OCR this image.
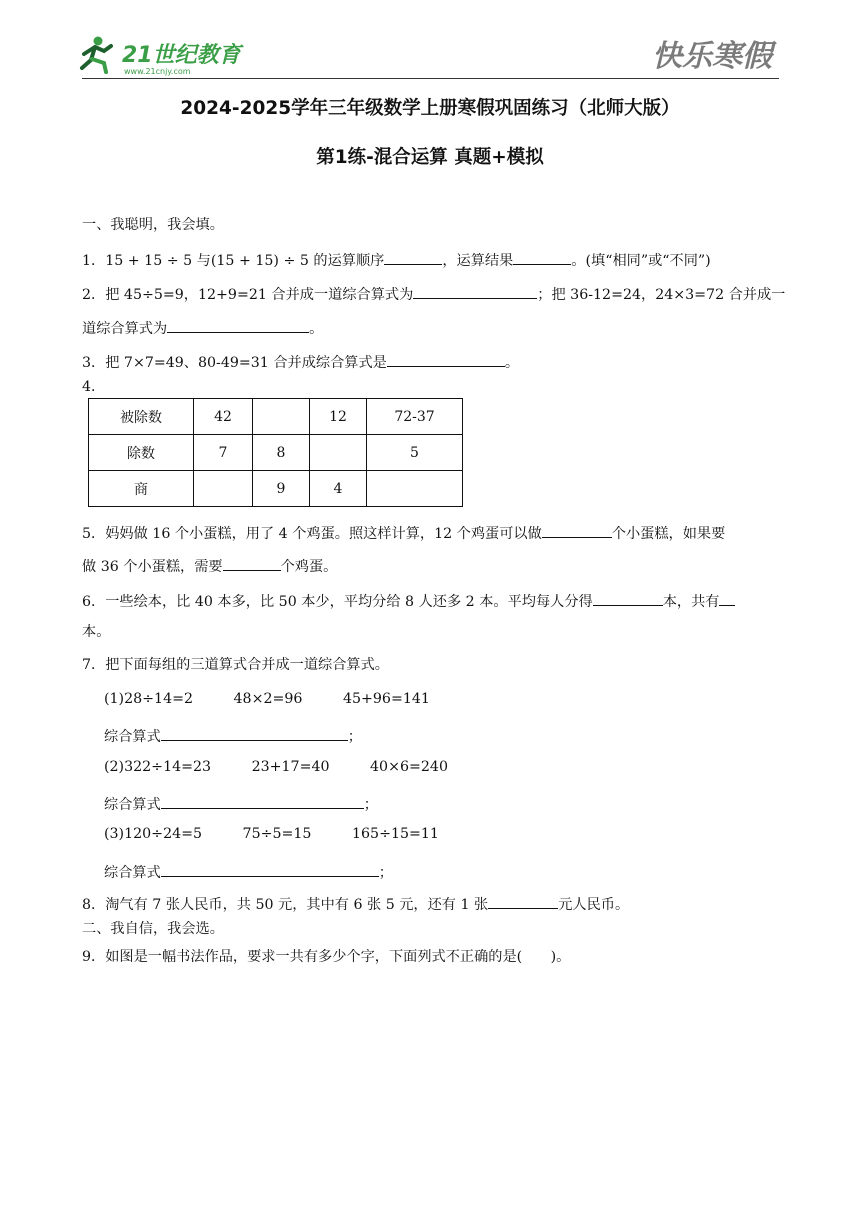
21世纪教育
www.21cnjy.com	快乐寒假
2024-2025学年三年级数学上册寒假巩固练习（北师大版）
第1练-混合运算 真题+模拟
一、我聪明，我会填。
1．15 + 15 ÷ 5 与(15 + 15) ÷ 5 的运算顺序	，运算结果	。(填“相同”或“不同”)
2．把 45÷5=9，12+9=21 合并成一道综合算式为	；把 36-12=24，24×3=72 合并成一
道综合算式为	。
3．把 7×7=49、80-49=31 合并成综合算式是	。
4．
被除数	42		12	72-37
除数	7	8		5
商		9	4	
5．妈妈做 16 个小蛋糕，用了 4 个鸡蛋。照这样计算，12 个鸡蛋可以做	个小蛋糕，如果要
做 36 个小蛋糕，需要	个鸡蛋。
6．一些绘本，比 40 本多，比 50 本少，平均分给 8 人还多 2 本。平均每人分得	本，共有
本。
7．把下面每组的三道算式合并成一道综合算式。
(1)28÷14=2	48×2=96	45+96=141
综合算式	；
(2)322÷14=23	23+17=40	40×6=240
综合算式	；
(3)120÷24=5	75÷5=15	165÷15=11
综合算式	；
8．淘气有 7 张人民币，共 50 元，其中有 6 张 5 元，还有 1 张	元人民币。
二、我自信，我会选。
9．如图是一幅书法作品，要求一共有多少个字，下面列式不正确的是(　　)。
